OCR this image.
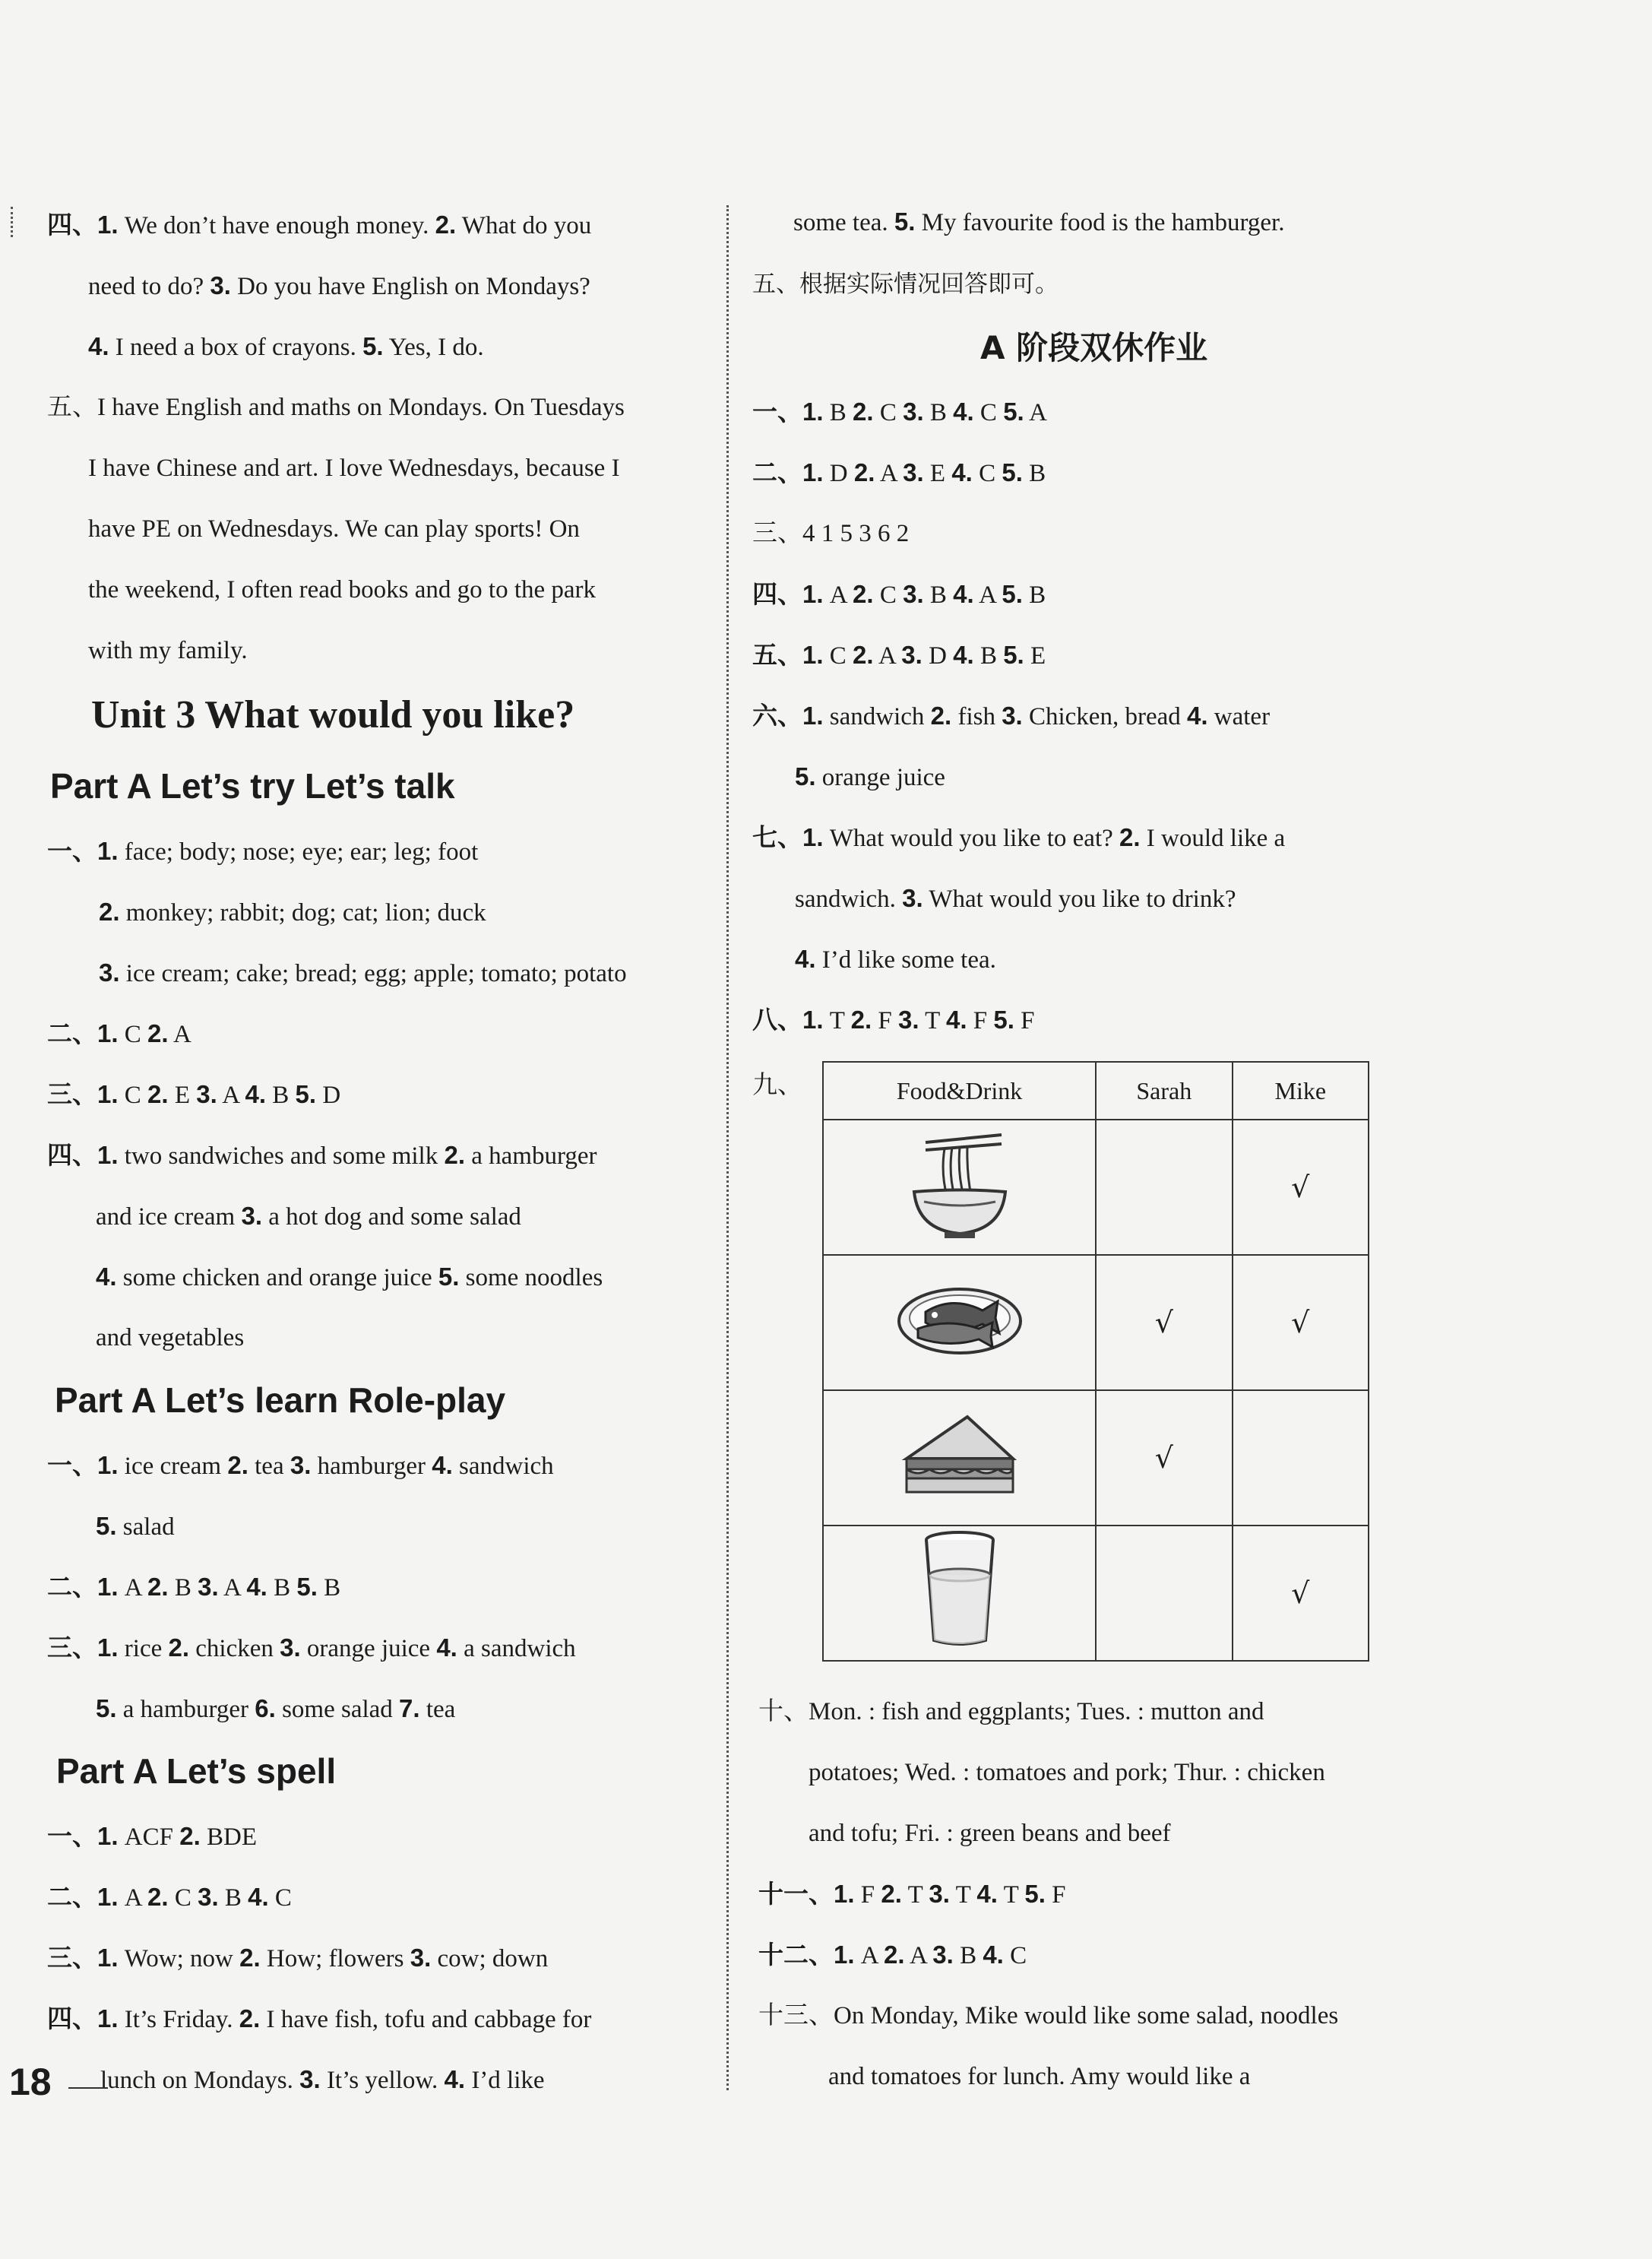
四、1. We don’t have enough money. 2. What do you
need to do? 3. Do you have English on Mondays?
4. I need a box of crayons. 5. Yes, I do.
五、I have English and maths on Mondays. On Tuesdays
I have Chinese and art. I love Wednesdays, because I
have PE on Wednesdays. We can play sports! On
the weekend, I often read books and go to the park
with my family.
Unit 3 What would you like?
Part A Let’s try Let’s talk
一、1. face; body; nose; eye; ear; leg; foot
2. monkey; rabbit; dog; cat; lion; duck
3. ice cream; cake; bread; egg; apple; tomato; potato
二、1. C 2. A
三、1. C 2. E 3. A 4. B 5. D
四、1. two sandwiches and some milk 2. a hamburger
and ice cream 3. a hot dog and some salad
4. some chicken and orange juice 5. some noodles
and vegetables
Part A Let’s learn Role-play
一、1. ice cream 2. tea 3. hamburger 4. sandwich
5. salad
二、1. A 2. B 3. A 4. B 5. B
三、1. rice 2. chicken 3. orange juice 4. a sandwich
5. a hamburger 6. some salad 7. tea
Part A Let’s spell
一、1. ACF 2. BDE
二、1. A 2. C 3. B 4. C
三、1. Wow; now 2. How; flowers 3. cow; down
四、1. It’s Friday. 2. I have fish, tofu and cabbage for
lunch on Mondays. 3. It’s yellow. 4. I’d like
some tea. 5. My favourite food is the hamburger.
五、根据实际情况回答即可。
A 阶段双休作业
一、1. B 2. C 3. B 4. C 5. A
二、1. D 2. A 3. E 4. C 5. B
三、4 1 5 3 6 2
四、1. A 2. C 3. B 4. A 5. B
五、1. C 2. A 3. D 4. B 5. E
六、1. sandwich 2. fish 3. Chicken, bread 4. water
5. orange juice
七、1. What would you like to eat? 2. I would like a
sandwich. 3. What would you like to drink?
4. I’d like some tea.
八、1. T 2. F 3. T 4. F 5. F
九、	Food&Drink	Sarah	Mike
		√
	√	√
	√	
		√
十、Mon. : fish and eggplants; Tues. : mutton and
potatoes; Wed. : tomatoes and pork; Thur. : chicken
and tofu; Fri. : green beans and beef
十一、1. F 2. T 3. T 4. T 5. F
十二、1. A 2. A 3. B 4. C
十三、On Monday, Mike would like some salad, noodles
and tomatoes for lunch. Amy would like a
18
